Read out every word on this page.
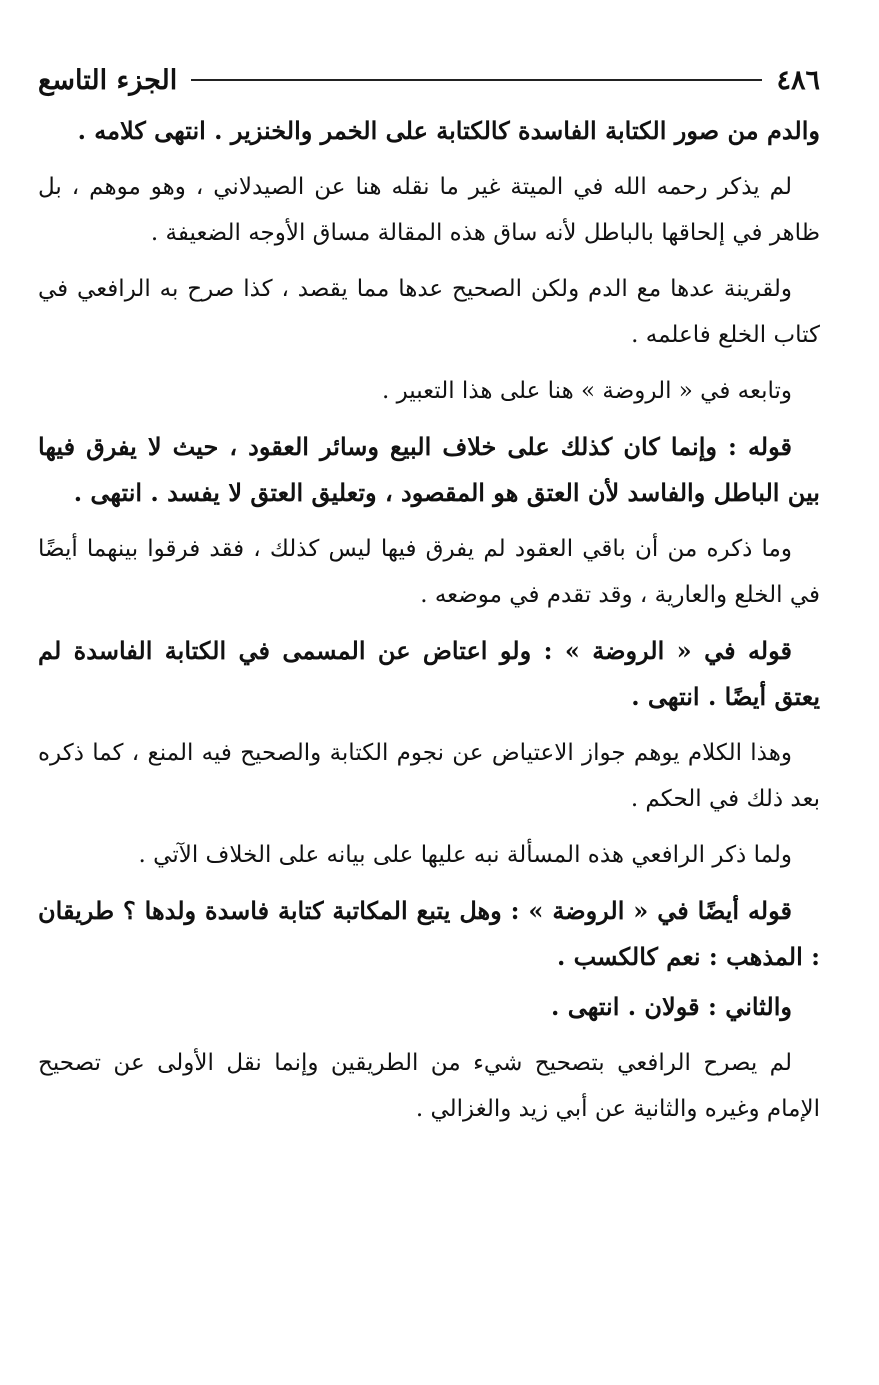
٤٨٦
الجزء التاسع

والدم من صور الكتابة الفاسدة كالكتابة على الخمر والخنزير . انتهى كلامه .

لم يذكر رحمه الله في الميتة غير ما نقله هنا عن الصيدلاني ، وهو موهم ، بل ظاهر في إلحاقها بالباطل لأنه ساق هذه المقالة مساق الأوجه الضعيفة .

ولقرينة عدها مع الدم ولكن الصحيح عدها مما يقصد ، كذا صرح به الرافعي في كتاب الخلع فاعلمه .

وتابعه في « الروضة » هنا على هذا التعبير .

قوله : وإنما كان كذلك على خلاف البيع وسائر العقود ، حيث لا يفرق فيها بين الباطل والفاسد لأن العتق هو المقصود ، وتعليق العتق لا يفسد . انتهى .

وما ذكره من أن باقي العقود لم يفرق فيها ليس كذلك ، فقد فرقوا بينهما أيضًا في الخلع والعارية ، وقد تقدم في موضعه .

قوله في « الروضة » : ولو اعتاض عن المسمى في الكتابة الفاسدة لم يعتق أيضًا . انتهى .

وهذا الكلام يوهم جواز الاعتياض عن نجوم الكتابة والصحيح فيه المنع ، كما ذكره بعد ذلك في الحكم .

ولما ذكر الرافعي هذه المسألة نبه عليها على بيانه على الخلاف الآتي .

قوله أيضًا في « الروضة » : وهل يتبع المكاتبة كتابة فاسدة ولدها ؟ طريقان : المذهب : نعم كالكسب .

والثاني : قولان . انتهى .

لم يصرح الرافعي بتصحيح شيء من الطريقين وإنما نقل الأولى عن تصحيح الإمام وغيره والثانية عن أبي زيد والغزالي .
